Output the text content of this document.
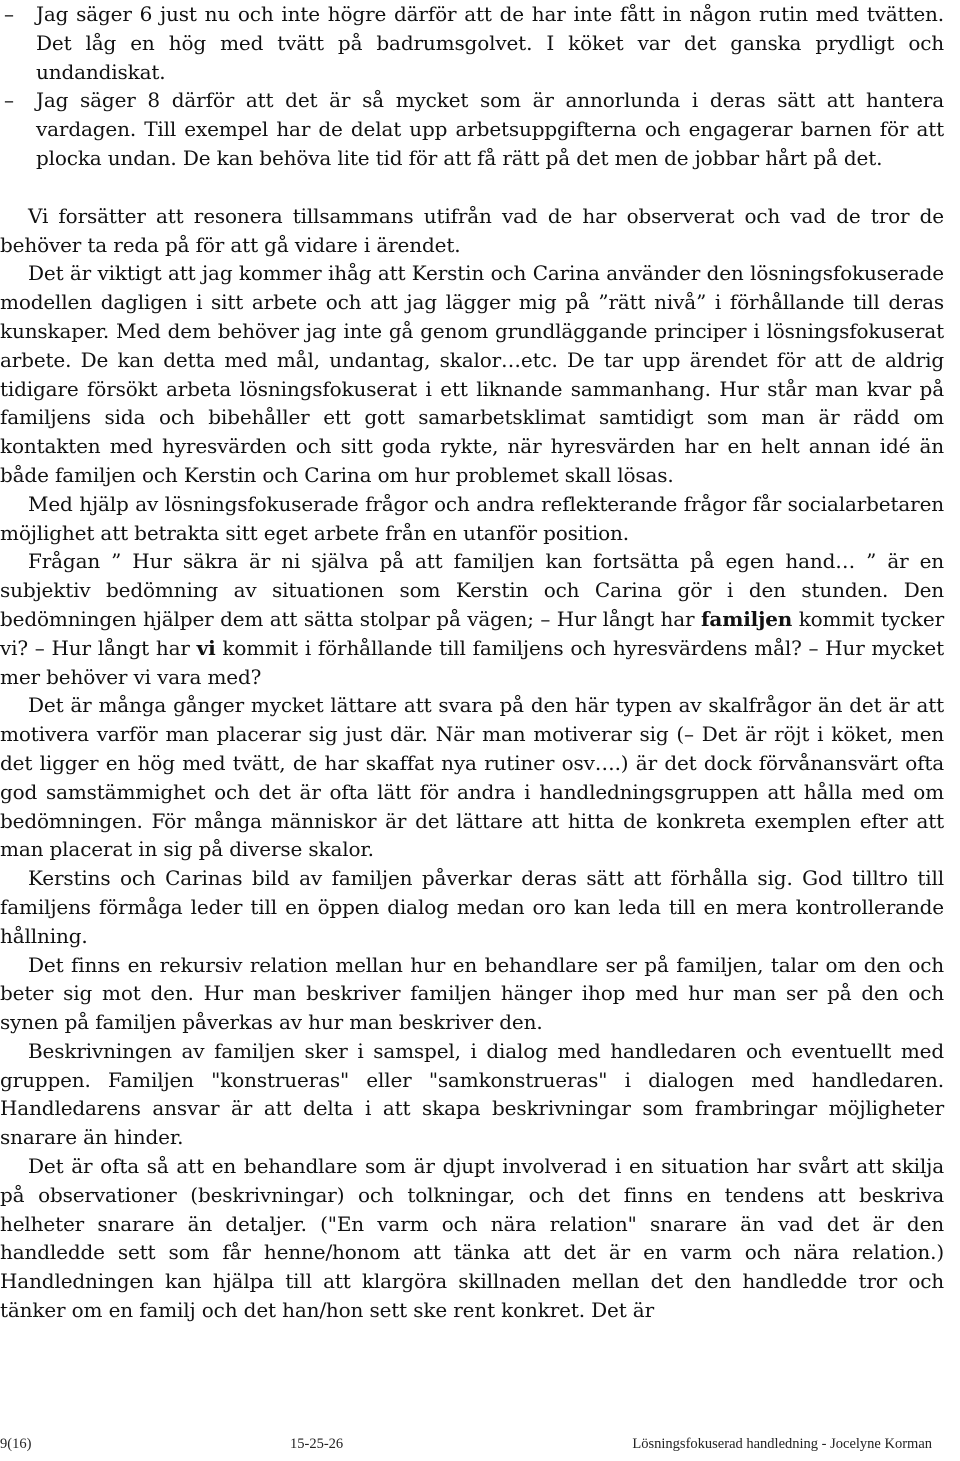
– Jag säger 6 just nu och inte högre därför att de har inte fått in någon rutin med tvätten. Det låg en hög med tvätt på badrumsgolvet. I köket var det ganska prydligt och undandiskat.
– Jag säger 8 därför att det är så mycket som är annorlunda i deras sätt att hantera vardagen. Till exempel har de delat upp arbetsuppgifterna och engagerar barnen för att plocka undan. De kan behöva lite tid för att få rätt på det men de jobbar hårt på det.

Vi forsätter att resonera tillsammans utifrån vad de har observerat och vad de tror de behöver ta reda på för att gå vidare i ärendet.

Det är viktigt att jag kommer ihåg att Kerstin och Carina använder den lösningsfokuserade modellen dagligen i sitt arbete och att jag lägger mig på ”rätt nivå” i förhållande till deras kunskaper. Med dem behöver jag inte gå genom grundläggande principer i lösningsfokuserat arbete. De kan detta med mål, undantag, skalor…etc. De tar upp ärendet för att de aldrig tidigare försökt arbeta lösningsfokuserat i ett liknande sammanhang. Hur står man kvar på familjens sida och bibehåller ett gott samarbetsklimat samtidigt som man är rädd om kontakten med hyresvärden och sitt goda rykte, när hyresvärden har en helt annan idé än både familjen och Kerstin och Carina om hur problemet skall lösas.

Med hjälp av lösningsfokuserade frågor och andra reflekterande frågor får socialarbetaren möjlighet att betrakta sitt eget arbete från en utanför position.

Frågan ” Hur säkra är ni själva på att familjen kan fortsätta på egen hand… ” är en subjektiv bedömning av situationen som Kerstin och Carina gör i den stunden. Den bedömningen hjälper dem att sätta stolpar på vägen; – Hur långt har familjen kommit tycker vi? – Hur långt har vi kommit i förhållande till familjens och hyresvärdens mål? – Hur mycket mer behöver vi vara med?

Det är många gånger mycket lättare att svara på den här typen av skalfrågor än det är att motivera varför man placerar sig just där. När man motiverar sig (– Det är röjt i köket, men det ligger en hög med tvätt, de har skaffat nya rutiner osv….) är det dock förvånansvärt ofta god samstämmighet och det är ofta lätt för andra i handledningsgruppen att hålla med om bedömningen. För många människor är det lättare att hitta de konkreta exemplen efter att man placerat in sig på diverse skalor.

Kerstins och Carinas bild av familjen påverkar deras sätt att förhålla sig. God tilltro till familjens förmåga leder till en öppen dialog medan oro kan leda till en mera kontrollerande hållning.

Det finns en rekursiv relation mellan hur en behandlare ser på familjen, talar om den och beter sig mot den. Hur man beskriver familjen hänger ihop med hur man ser på den och synen på familjen påverkas av hur man beskriver den.

Beskrivningen av familjen sker i samspel, i dialog med handledaren och eventuellt med gruppen. Familjen "konstrueras" eller "samkonstrueras" i dialogen med handledaren. Handledarens ansvar är att delta i att skapa beskrivningar som frambringar möjligheter snarare än hinder.

Det är ofta så att en behandlare som är djupt involverad i en situation har svårt att skilja på observationer (beskrivningar) och tolkningar, och det finns en tendens att beskriva helheter snarare än detaljer. ("En varm och nära relation" snarare än vad det är den handledde sett som får henne/honom att tänka att det är en varm och nära relation.) Handledningen kan hjälpa till att klargöra skillnaden mellan det den handledde tror och tänker om en familj och det han/hon sett ske rent konkret. Det är

9(16)	15-25-26	Lösningsfokuserad handledning - Jocelyne Korman
